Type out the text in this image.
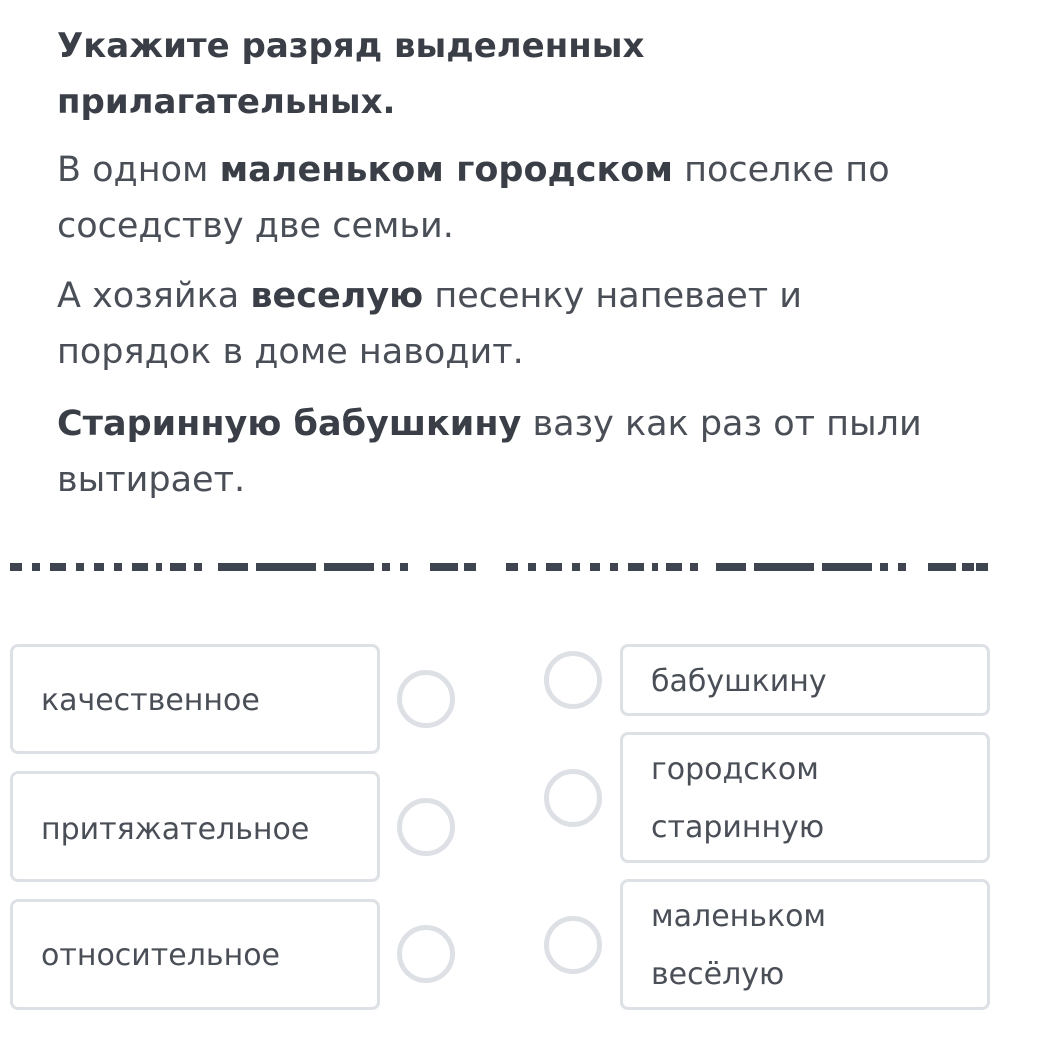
Укажите разряд выделенных прилагательных.

В одном маленьком городском поселке по соседству две семьи.

А хозяйка веселую песенку напевает и порядок в доме наводит.

Старинную бабушкину вазу как раз от пыли вытирает.

качественное
притяжательное
относительное
бабушкину
городском
старинную
маленьком
весёлую
